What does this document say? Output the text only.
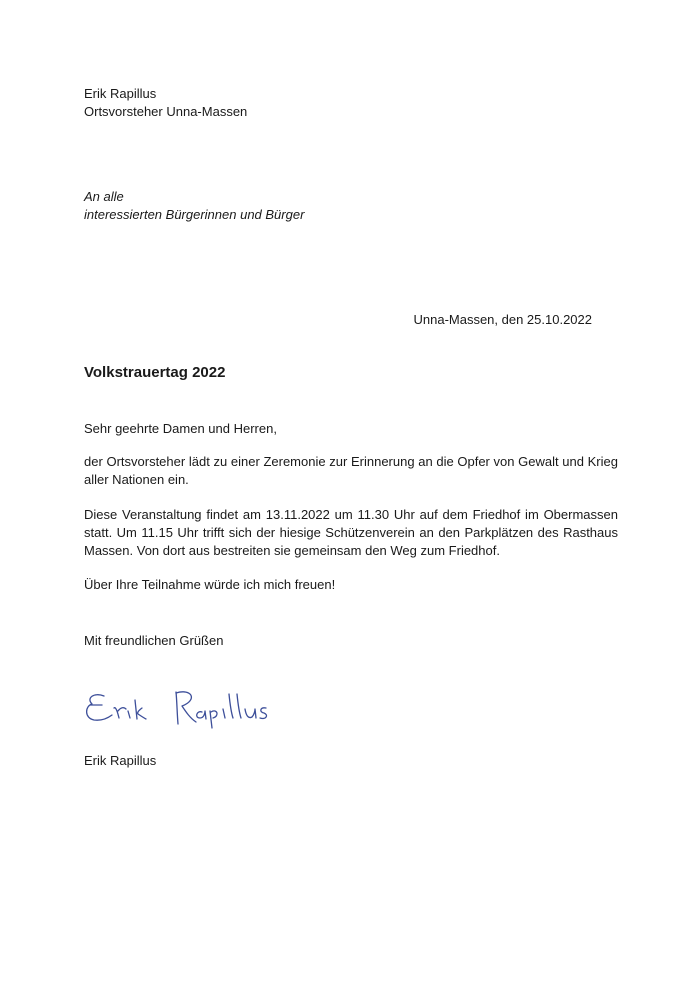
Erik Rapillus
Ortsvorsteher Unna-Massen
An alle
interessierten Bürgerinnen und Bürger
Unna-Massen, den 25.10.2022
Volkstrauertag 2022
Sehr geehrte Damen und Herren,
der Ortsvorsteher lädt zu einer Zeremonie zur Erinnerung an die Opfer von Gewalt und Krieg aller Nationen ein.
Diese Veranstaltung findet am 13.11.2022 um 11.30 Uhr auf dem Friedhof im Obermassen statt. Um 11.15 Uhr trifft sich der hiesige Schützenverein an den Parkplätzen des Rasthaus Massen. Von dort aus bestreiten sie gemeinsam den Weg zum Friedhof.
Über Ihre Teilnahme würde ich mich freuen!
Mit freundlichen Grüßen
Erik Rapillus
